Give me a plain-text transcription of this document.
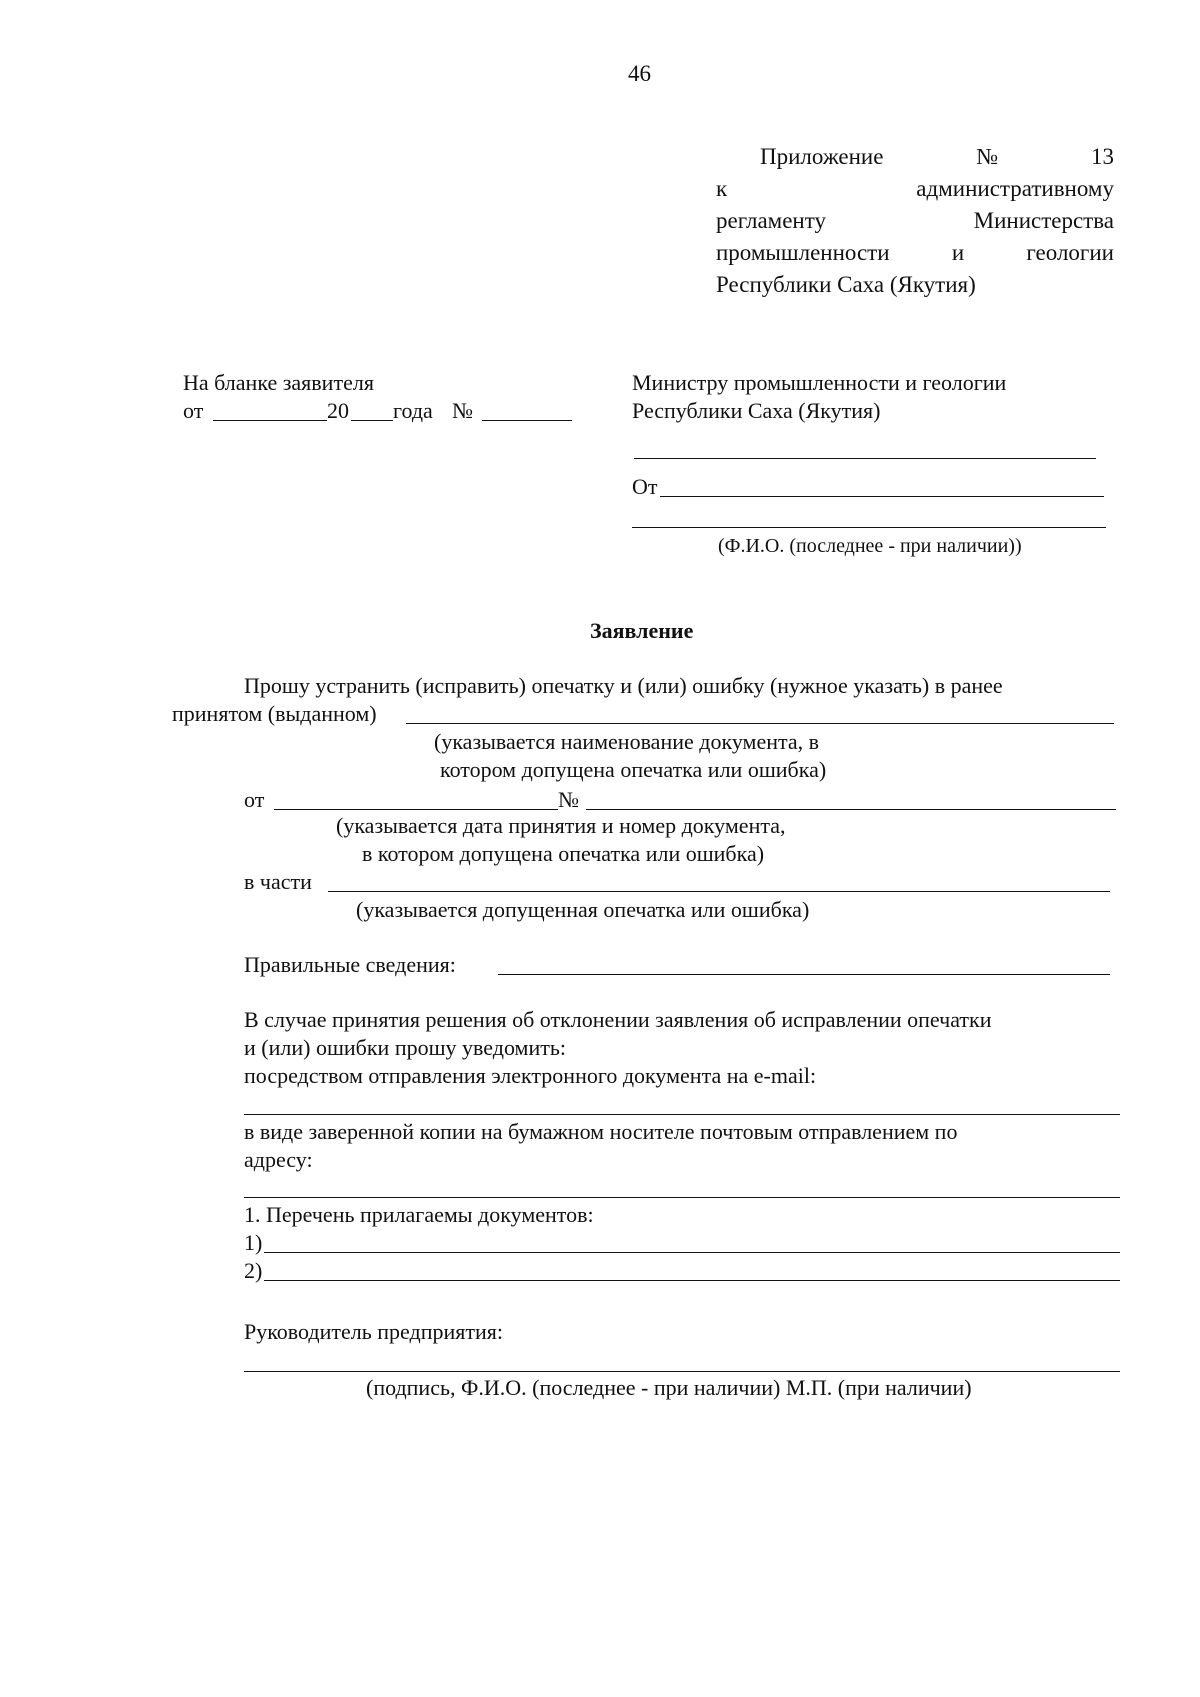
46
Приложение	№	13
к	административному
регламенту	Министерства
промышленности	и	геологии
Республики Саха (Якутия)
На бланке заявителя
от	20 года №
Министру промышленности и геологии
Республики Саха (Якутия)
От
(Ф.И.О. (последнее - при наличии))
Заявление
Прошу устранить (исправить) опечатку и (или) ошибку (нужное указать) в ранее
принятом (выданном)
(указывается наименование документа, в
котором допущена опечатка или ошибка)
от	№
(указывается дата принятия и номер документа,
в котором допущена опечатка или ошибка)
в части
(указывается допущенная опечатка или ошибка)
Правильные сведения:
В случае принятия решения об отклонении заявления об исправлении опечатки
и (или) ошибки прошу уведомить:
посредством отправления электронного документа на e-mail:
в виде заверенной копии на бумажном носителе почтовым отправлением по
адресу:
1. Перечень прилагаемы документов:
1)
2)
Руководитель предприятия:
(подпись, Ф.И.О. (последнее - при наличии) М.П. (при наличии)
